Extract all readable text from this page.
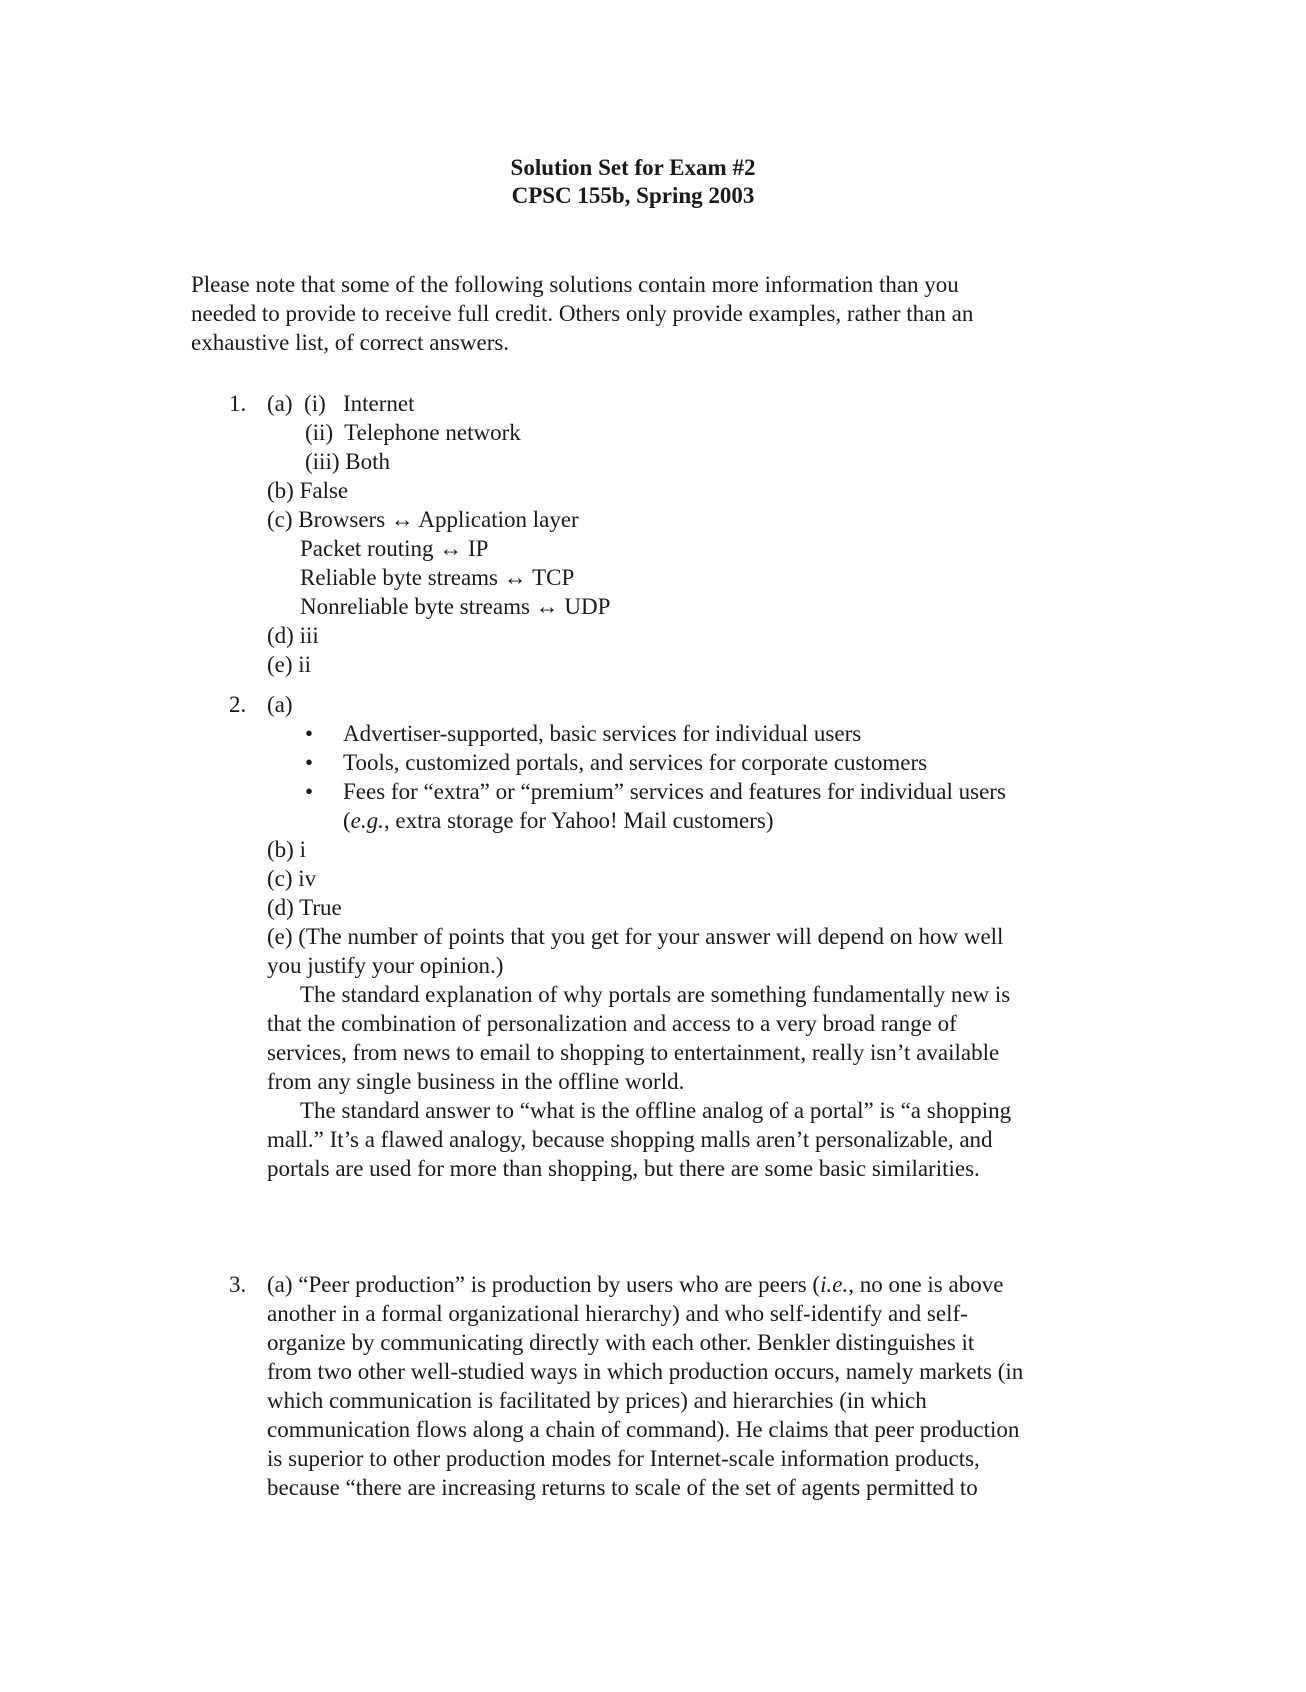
Solution Set for Exam #2
CPSC 155b, Spring 2003
Please note that some of the following solutions contain more information than you
needed to provide to receive full credit. Others only provide examples, rather than an
exhaustive list, of correct answers.
1. (a) (i)   Internet
(ii)  Telephone network
(iii) Both
(b) False
(c) Browsers ↔ Application layer
Packet routing ↔ IP
Reliable byte streams ↔ TCP
Nonreliable byte streams ↔ UDP
(d) iii
(e) ii
2. (a)
• Advertiser-supported, basic services for individual users
• Tools, customized portals, and services for corporate customers
• Fees for “extra” or “premium” services and features for individual users
(e.g., extra storage for Yahoo! Mail customers)
(b) i
(c) iv
(d) True
(e) (The number of points that you get for your answer will depend on how well
you justify your opinion.)
The standard explanation of why portals are something fundamentally new is
that the combination of personalization and access to a very broad range of
services, from news to email to shopping to entertainment, really isn’t available
from any single business in the offline world.
The standard answer to “what is the offline analog of a portal” is “a shopping
mall.” It’s a flawed analogy, because shopping malls aren’t personalizable, and
portals are used for more than shopping, but there are some basic similarities.
3. (a) “Peer production” is production by users who are peers (i.e., no one is above
another in a formal organizational hierarchy) and who self-identify and self-
organize by communicating directly with each other. Benkler distinguishes it
from two other well-studied ways in which production occurs, namely markets (in
which communication is facilitated by prices) and hierarchies (in which
communication flows along a chain of command). He claims that peer production
is superior to other production modes for Internet-scale information products,
because “there are increasing returns to scale of the set of agents permitted to
